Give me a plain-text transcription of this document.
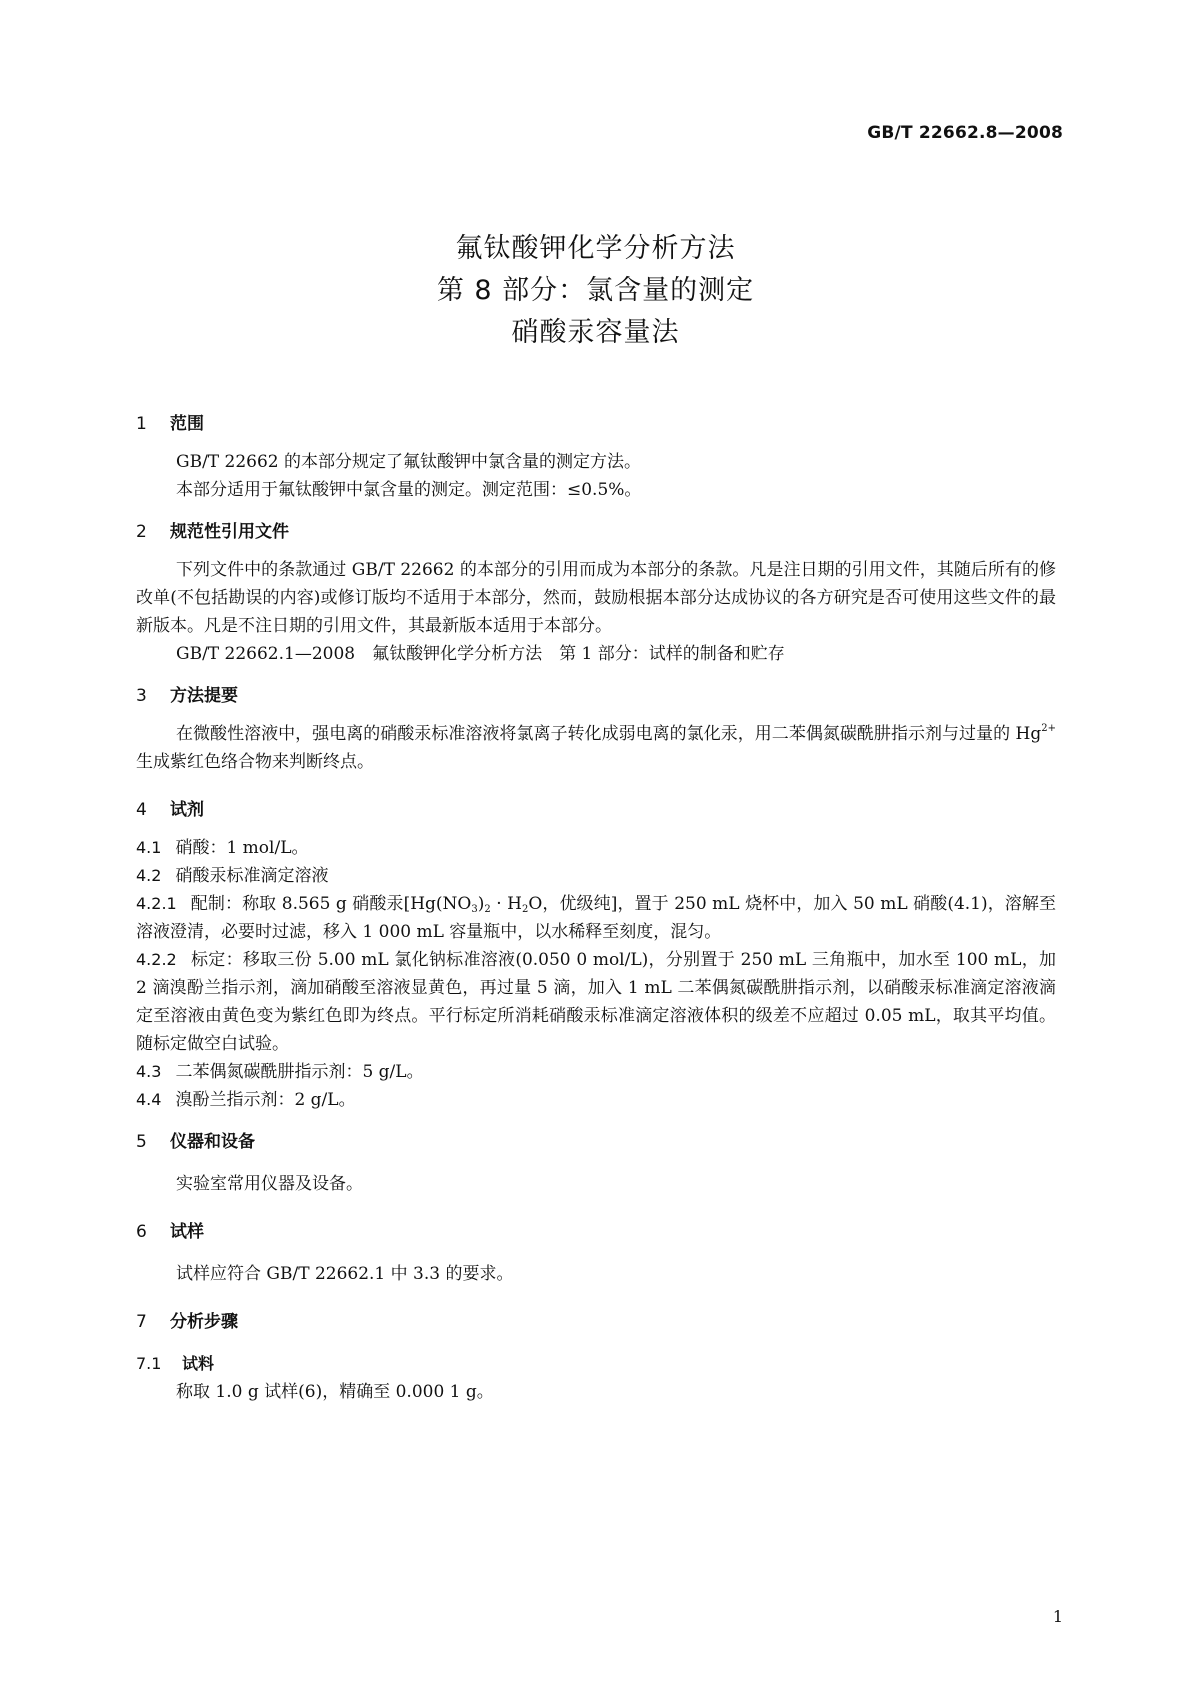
GB/T 22662.8—2008
氟钛酸钾化学分析方法
第 8 部分：氯含量的测定
硝酸汞容量法
1	范围
GB/T 22662 的本部分规定了氟钛酸钾中氯含量的测定方法。
本部分适用于氟钛酸钾中氯含量的测定。测定范围：≤0.5%。
2	规范性引用文件
下列文件中的条款通过 GB/T 22662 的本部分的引用而成为本部分的条款。凡是注日期的引用文件，其随后所有的修改单(不包括勘误的内容)或修订版均不适用于本部分，然而，鼓励根据本部分达成协议的各方研究是否可使用这些文件的最新版本。凡是不注日期的引用文件，其最新版本适用于本部分。
GB/T 22662.1—2008　氟钛酸钾化学分析方法　第 1 部分：试样的制备和贮存
3	方法提要
在微酸性溶液中，强电离的硝酸汞标准溶液将氯离子转化成弱电离的氯化汞，用二苯偶氮碳酰肼指示剂与过量的 $Hg^{2+}$ 生成紫红色络合物来判断终点。
4	试剂
4.1 硝酸：1 mol/L。
4.2 硝酸汞标准滴定溶液
4.2.1 配制：称取 8.565 g 硝酸汞[$Hg(NO_3)_2 \cdot H_2O$，优级纯]，置于 250 mL 烧杯中，加入 50 mL 硝酸(4.1)，溶解至溶液澄清，必要时过滤，移入 1 000 mL 容量瓶中，以水稀释至刻度，混匀。
4.2.2 标定：移取三份 5.00 mL 氯化钠标准溶液(0.050 0 mol/L)，分别置于 250 mL 三角瓶中，加水至 100 mL，加 2 滴溴酚兰指示剂，滴加硝酸至溶液显黄色，再过量 5 滴，加入 1 mL 二苯偶氮碳酰肼指示剂，以硝酸汞标准滴定溶液滴定至溶液由黄色变为紫红色即为终点。平行标定所消耗硝酸汞标准滴定溶液体积的级差不应超过 0.05 mL，取其平均值。随标定做空白试验。
4.3 二苯偶氮碳酰肼指示剂：5 g/L。
4.4 溴酚兰指示剂：2 g/L。
5	仪器和设备
实验室常用仪器及设备。
6	试样
试样应符合 GB/T 22662.1 中 3.3 的要求。
7	分析步骤
7.1	试料
称取 1.0 g 试样(6)，精确至 0.000 1 g。
1
